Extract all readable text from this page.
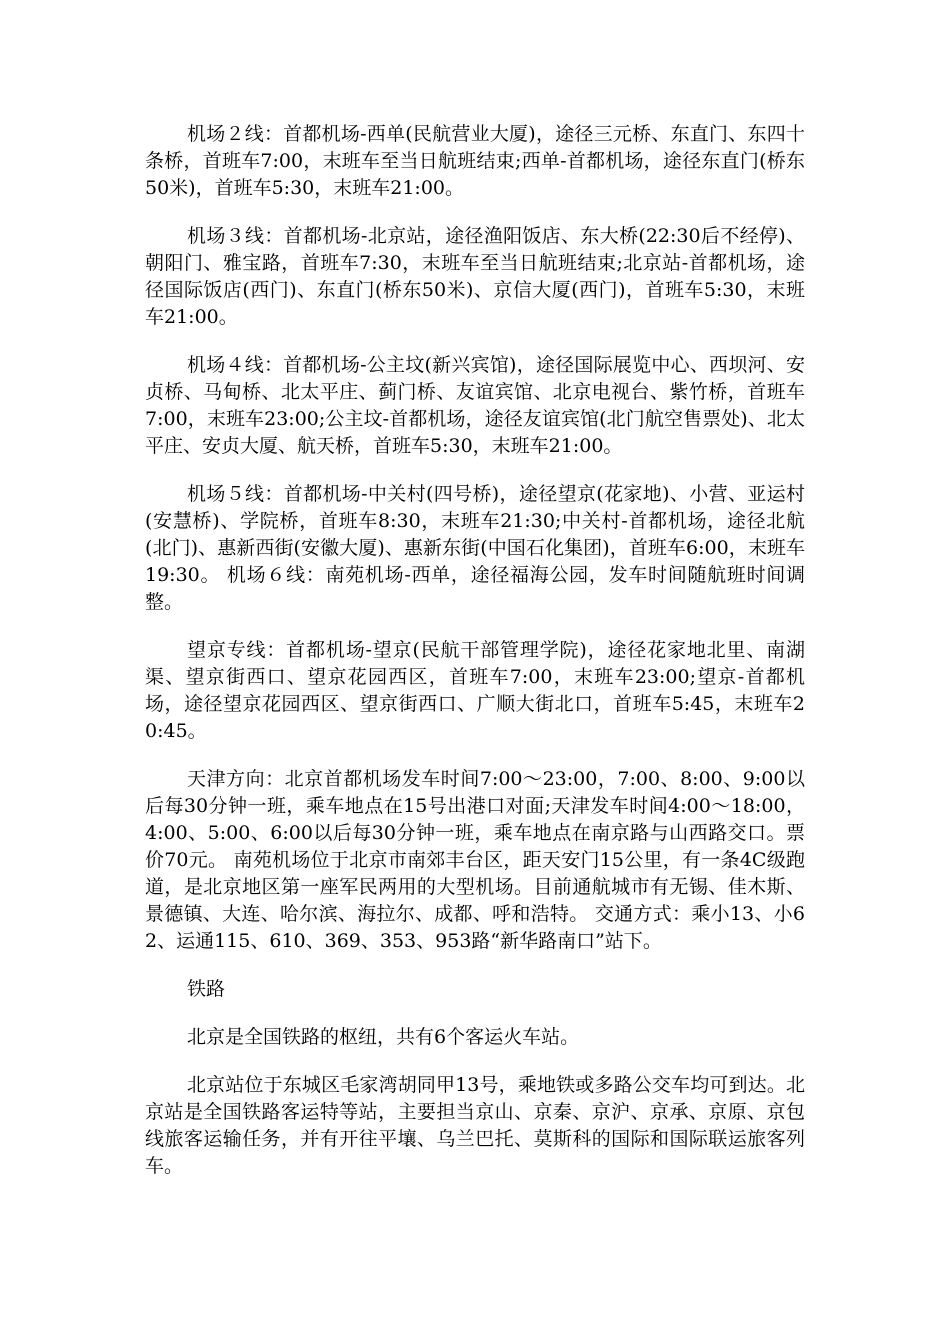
机场２线：首都机场-西单(民航营业大厦)，途径三元桥、东直门、东四十条桥，首班车7:00，末班车至当日航班结束;西单-首都机场，途径东直门(桥东50米)，首班车5:30，末班车21:00。

机场３线：首都机场-北京站，途径渔阳饭店、东大桥(22:30后不经停)、朝阳门、雅宝路，首班车7:30，末班车至当日航班结束;北京站-首都机场，途径国际饭店(西门)、东直门(桥东50米)、京信大厦(西门)，首班车5:30，末班车21:00。

机场４线：首都机场-公主坟(新兴宾馆)，途径国际展览中心、西坝河、安贞桥、马甸桥、北太平庄、蓟门桥、友谊宾馆、北京电视台、紫竹桥，首班车7:00，末班车23:00;公主坟-首都机场，途径友谊宾馆(北门航空售票处)、北太平庄、安贞大厦、航天桥，首班车5:30，末班车21:00。

机场５线：首都机场-中关村(四号桥)，途径望京(花家地)、小营、亚运村(安慧桥)、学院桥，首班车8:30，末班车21:30;中关村-首都机场，途径北航(北门)、惠新西街(安徽大厦)、惠新东街(中国石化集团)，首班车6:00，末班车19:30。 机场６线：南苑机场-西单，途径福海公园，发车时间随航班时间调整。

望京专线：首都机场-望京(民航干部管理学院)，途径花家地北里、南湖渠、望京街西口、望京花园西区，首班车7:00，末班车23:00;望京-首都机场，途径望京花园西区、望京街西口、广顺大街北口，首班车5:45，末班车20:45。

天津方向：北京首都机场发车时间7:00～23:00，7:00、8:00、9:00以后每30分钟一班，乘车地点在15号出港口对面;天津发车时间4:00～18:00，4:00、5:00、6:00以后每30分钟一班，乘车地点在南京路与山西路交口。票价70元。 南苑机场位于北京市南郊丰台区，距天安门15公里，有一条4C级跑道，是北京地区第一座军民两用的大型机场。目前通航城市有无锡、佳木斯、景德镇、大连、哈尔滨、海拉尔、成都、呼和浩特。 交通方式：乘小13、小62、运通115、610、369、353、953路“新华路南口”站下。

铁路

北京是全国铁路的枢纽，共有6个客运火车站。

北京站位于东城区毛家湾胡同甲13号，乘地铁或多路公交车均可到达。北京站是全国铁路客运特等站，主要担当京山、京秦、京沪、京承、京原、京包线旅客运输任务，并有开往平壤、乌兰巴托、莫斯科的国际和国际联运旅客列车。
